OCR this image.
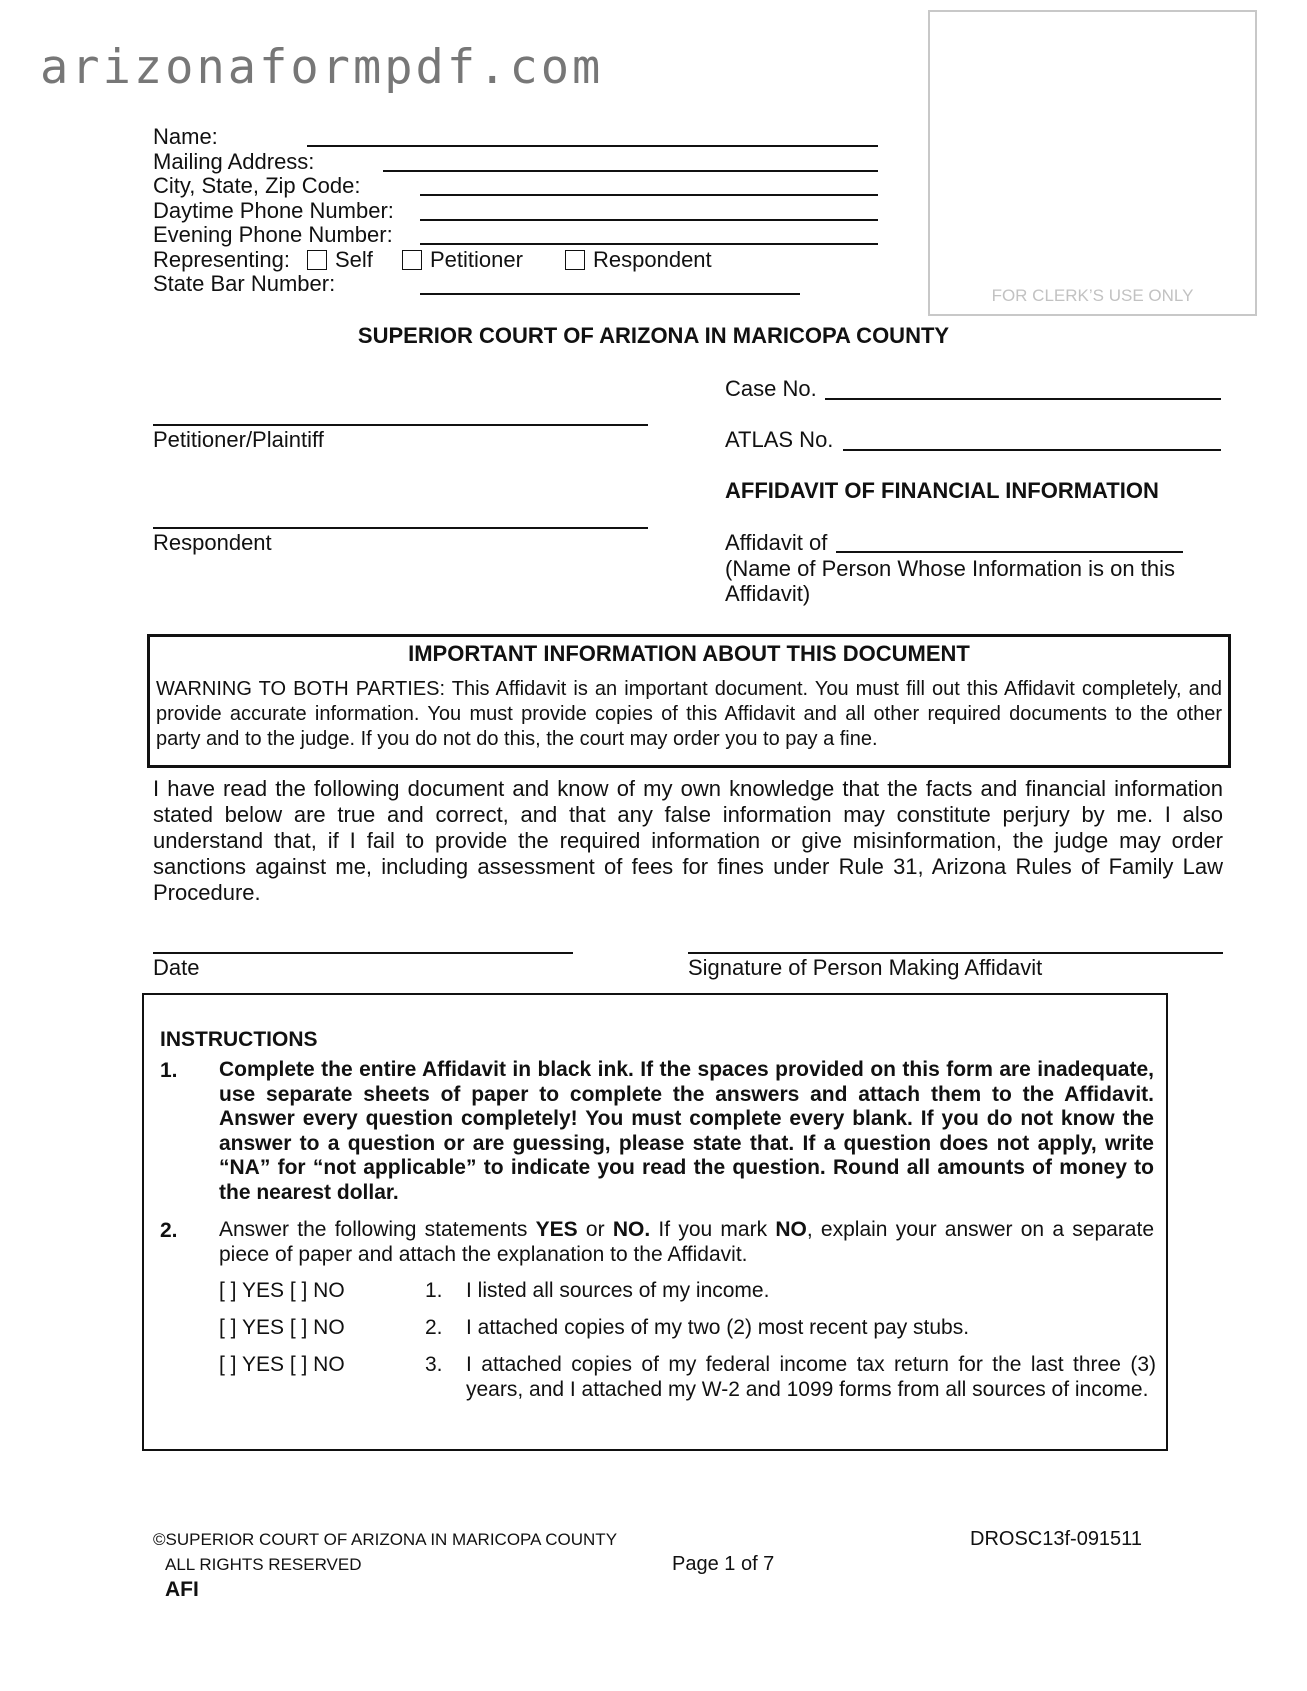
arizonaformpdf.com
FOR CLERK’S USE ONLY
Name:
Mailing Address:
City, State, Zip Code:
Daytime Phone Number:
Evening Phone Number:
Representing:	Self	Petitioner	Respondent
State Bar Number:
SUPERIOR COURT OF ARIZONA IN MARICOPA COUNTY
Petitioner/Plaintiff
Respondent
Case No.
ATLAS No.
AFFIDAVIT OF FINANCIAL INFORMATION
Affidavit of
(Name of Person Whose Information is on this
Affidavit)
IMPORTANT INFORMATION ABOUT THIS DOCUMENT
WARNING TO BOTH PARTIES: This Affidavit is an important document. You must fill out this Affidavit completely, and provide accurate information. You must provide copies of this Affidavit and all other required documents to the other party and to the judge. If you do not do this, the court may order you to pay a fine.
I have read the following document and know of my own knowledge that the facts and financial information stated below are true and correct, and that any false information may constitute perjury by me. I also understand that, if I fail to provide the required information or give misinformation, the judge may order sanctions against me, including assessment of fees for fines under Rule 31, Arizona Rules of Family Law Procedure.
Date	Signature of Person Making Affidavit
INSTRUCTIONS
1. Complete the entire Affidavit in black ink. If the spaces provided on this form are inadequate, use separate sheets of paper to complete the answers and attach them to the Affidavit. Answer every question completely! You must complete every blank. If you do not know the answer to a question or are guessing, please state that. If a question does not apply, write “NA” for “not applicable” to indicate you read the question. Round all amounts of money to the nearest dollar.
2. Answer the following statements YES or NO. If you mark NO, explain your answer on a separate piece of paper and attach the explanation to the Affidavit.
[ ] YES [ ] NO	1. I listed all sources of my income.
[ ] YES [ ] NO	2. I attached copies of my two (2) most recent pay stubs.
[ ] YES [ ] NO	3. I attached copies of my federal income tax return for the last three (3) years, and I attached my W-2 and 1099 forms from all sources of income.
©SUPERIOR COURT OF ARIZONA IN MARICOPA COUNTY
ALL RIGHTS RESERVED
AFI
Page 1 of 7
DROSC13f-091511
